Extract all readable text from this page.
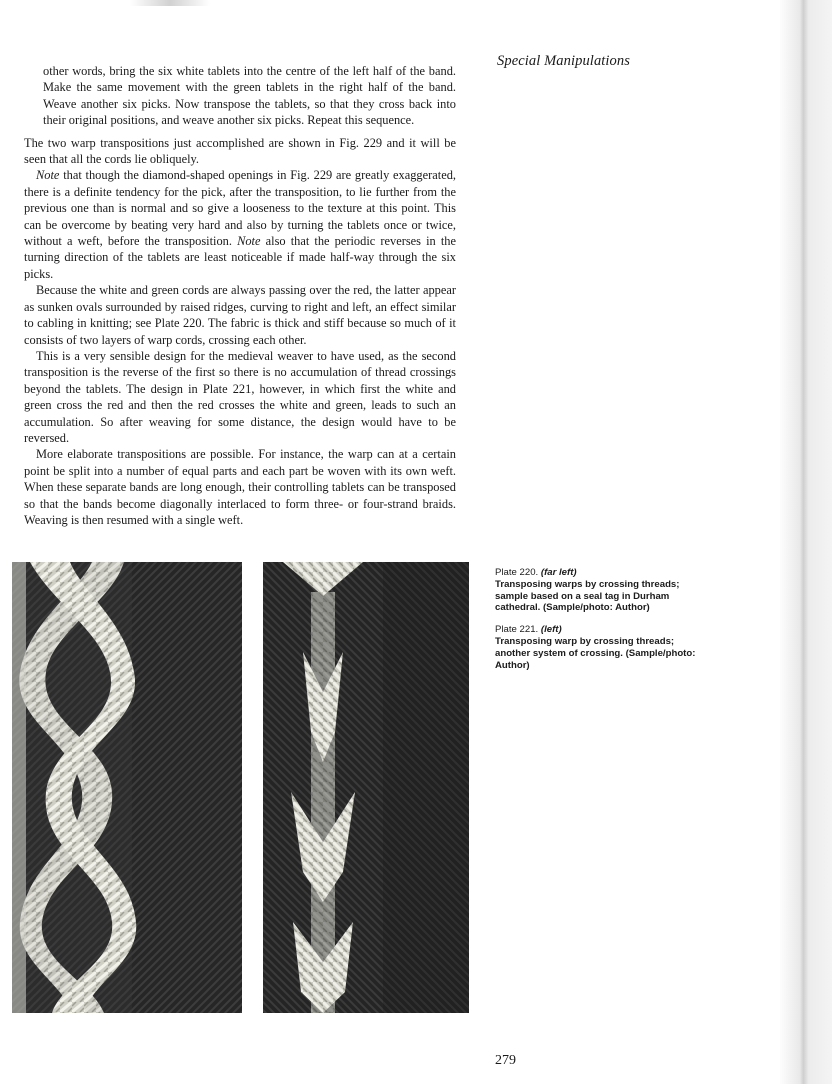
Special Manipulations

other words, bring the six white tablets into the centre of the left half of the band. Make the same movement with the green tablets in the right half of the band. Weave another six picks. Now transpose the tablets, so that they cross back into their original positions, and weave another six picks. Repeat this sequence.

The two warp transpositions just accomplished are shown in Fig. 229 and it will be seen that all the cords lie obliquely.

Note that though the diamond-shaped openings in Fig. 229 are greatly exaggerated, there is a definite tendency for the pick, after the transposition, to lie further from the previous one than is normal and so give a looseness to the texture at this point. This can be overcome by beating very hard and also by turning the tablets once or twice, without a weft, before the transposition. Note also that the periodic reverses in the turning direction of the tablets are least noticeable if made half-way through the six picks.

Because the white and green cords are always passing over the red, the latter appear as sunken ovals surrounded by raised ridges, curving to right and left, an effect similar to cabling in knitting; see Plate 220. The fabric is thick and stiff because so much of it consists of two layers of warp cords, crossing each other.

This is a very sensible design for the medieval weaver to have used, as the second transposition is the reverse of the first so there is no accumulation of thread crossings beyond the tablets. The design in Plate 221, however, in which first the white and green cross the red and then the red crosses the white and green, leads to such an accumulation. So after weaving for some distance, the design would have to be reversed.

More elaborate transpositions are possible. For instance, the warp can at a certain point be split into a number of equal parts and each part be woven with its own weft. When these separate bands are long enough, their controlling tablets can be transposed so that the bands become diagonally interlaced to form three- or four-strand braids. Weaving is then resumed with a single weft.

Plate 220. (far left)
Transposing warps by crossing threads; sample based on a seal tag in Durham cathedral. (Sample/photo: Author)

Plate 221. (left)
Transposing warp by crossing threads; another system of crossing. (Sample/photo: Author)

279
